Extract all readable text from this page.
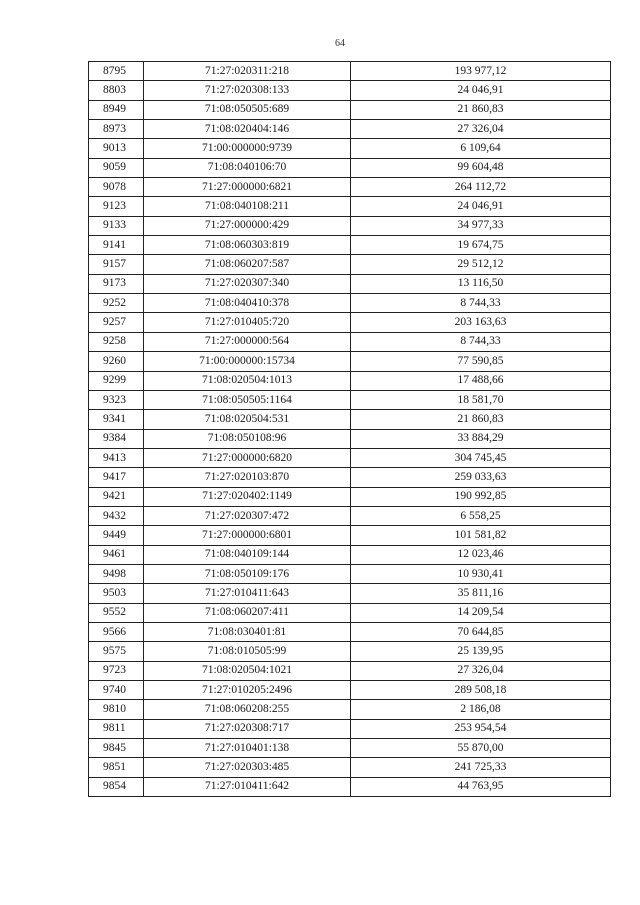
64
8795	71:27:020311:218	193 977,12
8803	71:27:020308:133	24 046,91
8949	71:08:050505:689	21 860,83
8973	71:08:020404:146	27 326,04
9013	71:00:000000:9739	6 109,64
9059	71:08:040106:70	99 604,48
9078	71:27:000000:6821	264 112,72
9123	71:08:040108:211	24 046,91
9133	71:27:000000:429	34 977,33
9141	71:08:060303:819	19 674,75
9157	71:08:060207:587	29 512,12
9173	71:27:020307:340	13 116,50
9252	71:08:040410:378	8 744,33
9257	71:27:010405:720	203 163,63
9258	71:27:000000:564	8 744,33
9260	71:00:000000:15734	77 590,85
9299	71:08:020504:1013	17 488,66
9323	71:08:050505:1164	18 581,70
9341	71:08:020504:531	21 860,83
9384	71:08:050108:96	33 884,29
9413	71:27:000000:6820	304 745,45
9417	71:27:020103:870	259 033,63
9421	71:27:020402:1149	190 992,85
9432	71:27:020307:472	6 558,25
9449	71:27:000000:6801	101 581,82
9461	71:08:040109:144	12 023,46
9498	71:08:050109:176	10 930,41
9503	71:27:010411:643	35 811,16
9552	71:08:060207:411	14 209,54
9566	71:08:030401:81	70 644,85
9575	71:08:010505:99	25 139,95
9723	71:08:020504:1021	27 326,04
9740	71:27:010205:2496	289 508,18
9810	71:08:060208:255	2 186,08
9811	71:27:020308:717	253 954,54
9845	71:27:010401:138	55 870,00
9851	71:27:020303:485	241 725,33
9854	71:27:010411:642	44 763,95
